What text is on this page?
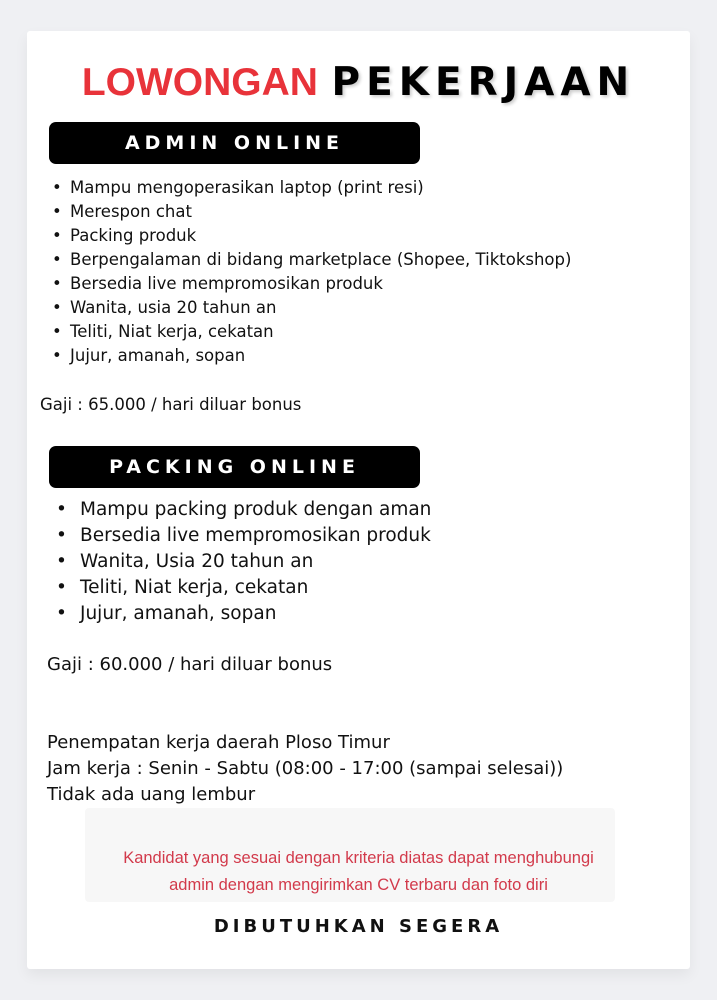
LOWONGAN PEKERJAAN
ADMIN ONLINE
• Mampu mengoperasikan laptop (print resi)
• Merespon chat
• Packing produk
• Berpengalaman di bidang marketplace (Shopee, Tiktokshop)
• Bersedia live mempromosikan produk
• Wanita, usia 20 tahun an
• Teliti, Niat kerja, cekatan
• Jujur, amanah, sopan
Gaji : 65.000 / hari diluar bonus
PACKING ONLINE
• Mampu packing produk dengan aman
• Bersedia live mempromosikan produk
• Wanita, Usia 20 tahun an
• Teliti, Niat kerja, cekatan
• Jujur, amanah, sopan
Gaji : 60.000 / hari diluar bonus
Penempatan kerja daerah Ploso Timur
Jam kerja : Senin - Sabtu (08:00 - 17:00 (sampai selesai))
Tidak ada uang lembur
Kandidat yang sesuai dengan kriteria diatas dapat menghubungi
admin dengan mengirimkan CV terbaru dan foto diri
DIBUTUHKAN SEGERA
